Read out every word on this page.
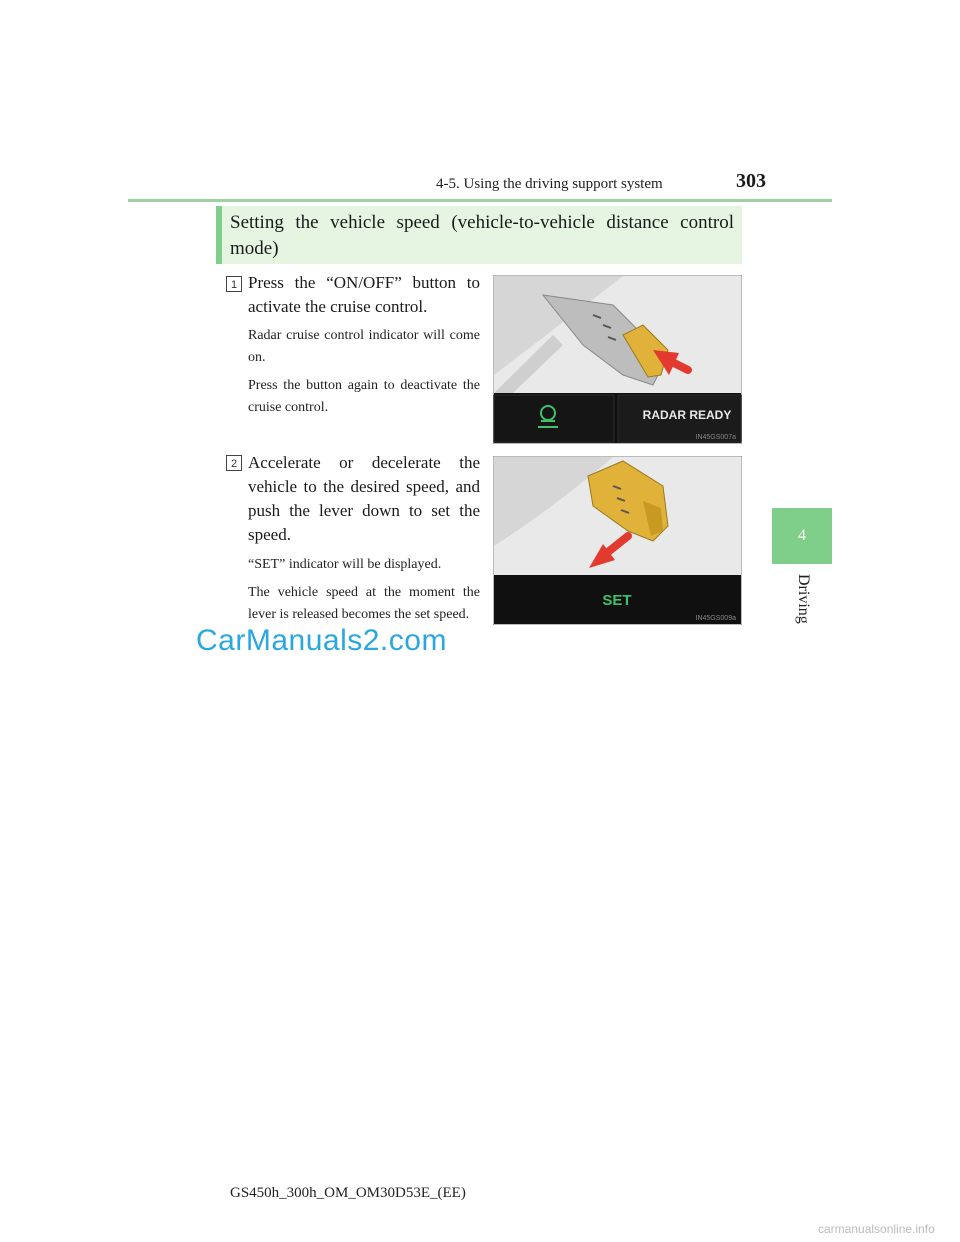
4-5. Using the driving support system	303
4
Driving
Setting the vehicle speed (vehicle-to-vehicle distance control mode)
1 Press the “ON/OFF” button to activate the cruise control.
Radar cruise control indicator will come on.
Press the button again to deactivate the cruise control.	RADAR READY
IN45GS007a
2 Accelerate or decelerate the vehicle to the desired speed, and push the lever down to set the speed.
“SET” indicator will be displayed.
The vehicle speed at the moment the lever is released becomes the set speed.
SET
IN45GS009a
CarManuals2.com
GS450h_300h_OM_OM30D53E_(EE)
carmanualsonline.info
